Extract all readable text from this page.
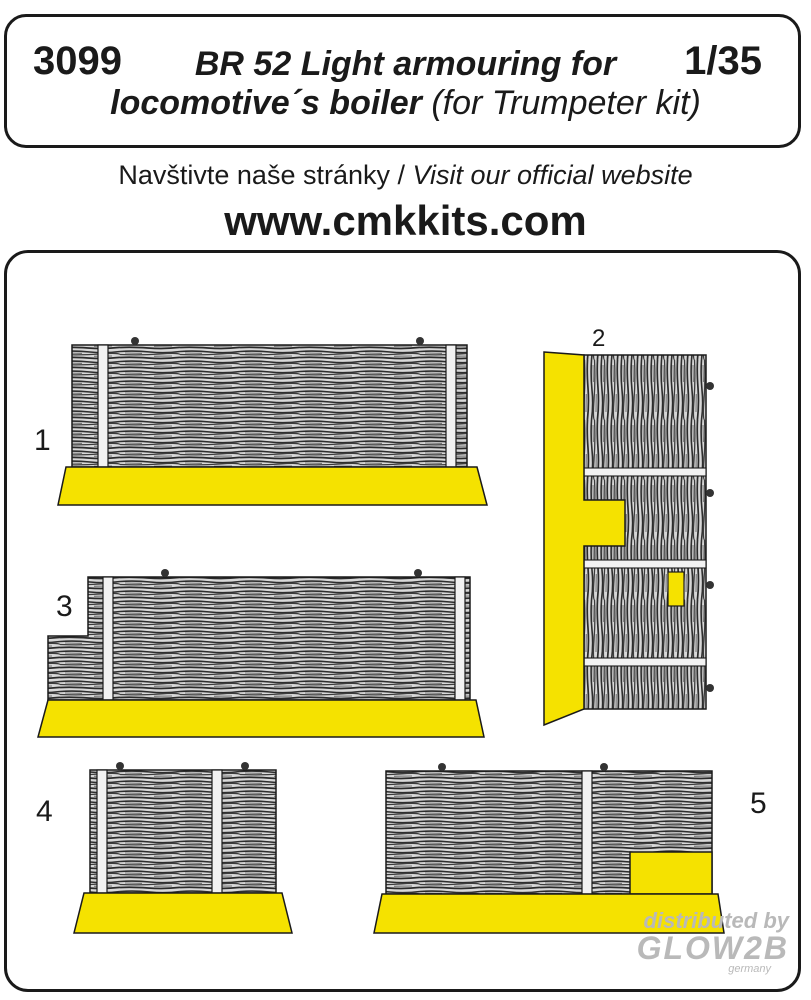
3099	1/35
BR 52 Light armouring for
locomotive´s boiler (for Trumpeter kit)
Navštivte naše stránky / Visit our official website
www.cmkkits.com
1
2
3
4	5
distributed by
GLOW2B
germany
